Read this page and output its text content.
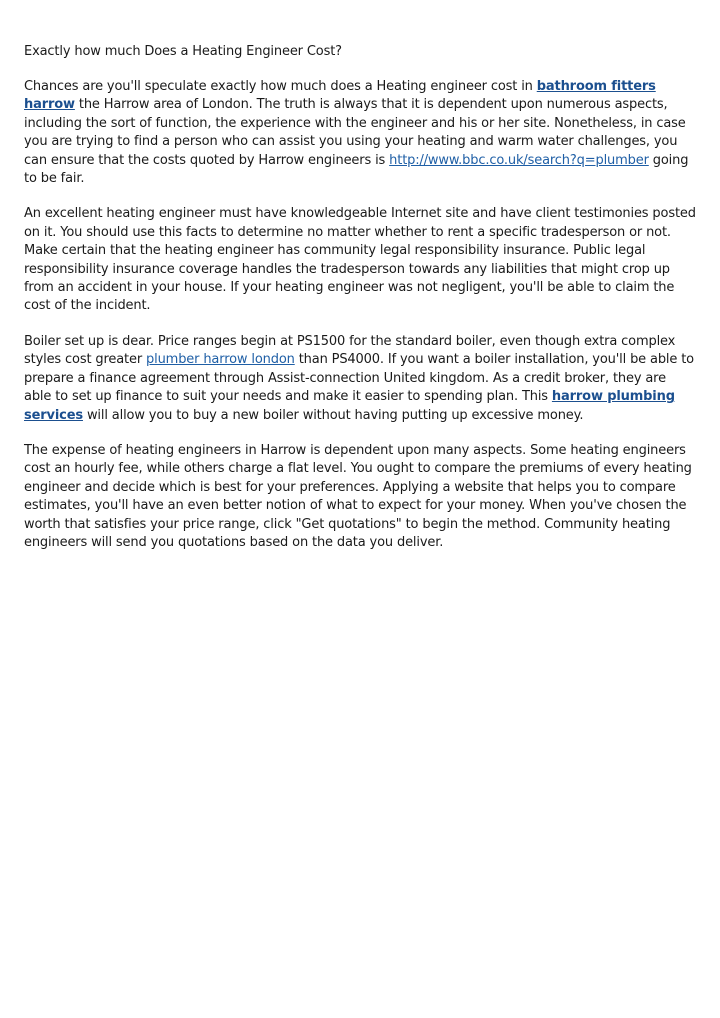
Exactly how much Does a Heating Engineer Cost?

Chances are you'll speculate exactly how much does a Heating engineer cost in bathroom fitters harrow the Harrow area of London. The truth is always that it is dependent upon numerous aspects, including the sort of function, the experience with the engineer and his or her site. Nonetheless, in case you are trying to find a person who can assist you using your heating and warm water challenges, you can ensure that the costs quoted by Harrow engineers is http://www.bbc.co.uk/search?q=plumber going to be fair.

An excellent heating engineer must have knowledgeable Internet site and have client testimonies posted on it. You should use this facts to determine no matter whether to rent a specific tradesperson or not. Make certain that the heating engineer has community legal responsibility insurance. Public legal responsibility insurance coverage handles the tradesperson towards any liabilities that might crop up from an accident in your house. If your heating engineer was not negligent, you'll be able to claim the cost of the incident.

Boiler set up is dear. Price ranges begin at PS1500 for the standard boiler, even though extra complex styles cost greater plumber harrow london than PS4000. If you want a boiler installation, you'll be able to prepare a finance agreement through Assist-connection United kingdom. As a credit broker, they are able to set up finance to suit your needs and make it easier to spending plan. This harrow plumbing services will allow you to buy a new boiler without having putting up excessive money.

The expense of heating engineers in Harrow is dependent upon many aspects. Some heating engineers cost an hourly fee, while others charge a flat level. You ought to compare the premiums of every heating engineer and decide which is best for your preferences. Applying a website that helps you to compare estimates, you'll have an even better notion of what to expect for your money. When you've chosen the worth that satisfies your price range, click "Get quotations" to begin the method. Community heating engineers will send you quotations based on the data you deliver.
